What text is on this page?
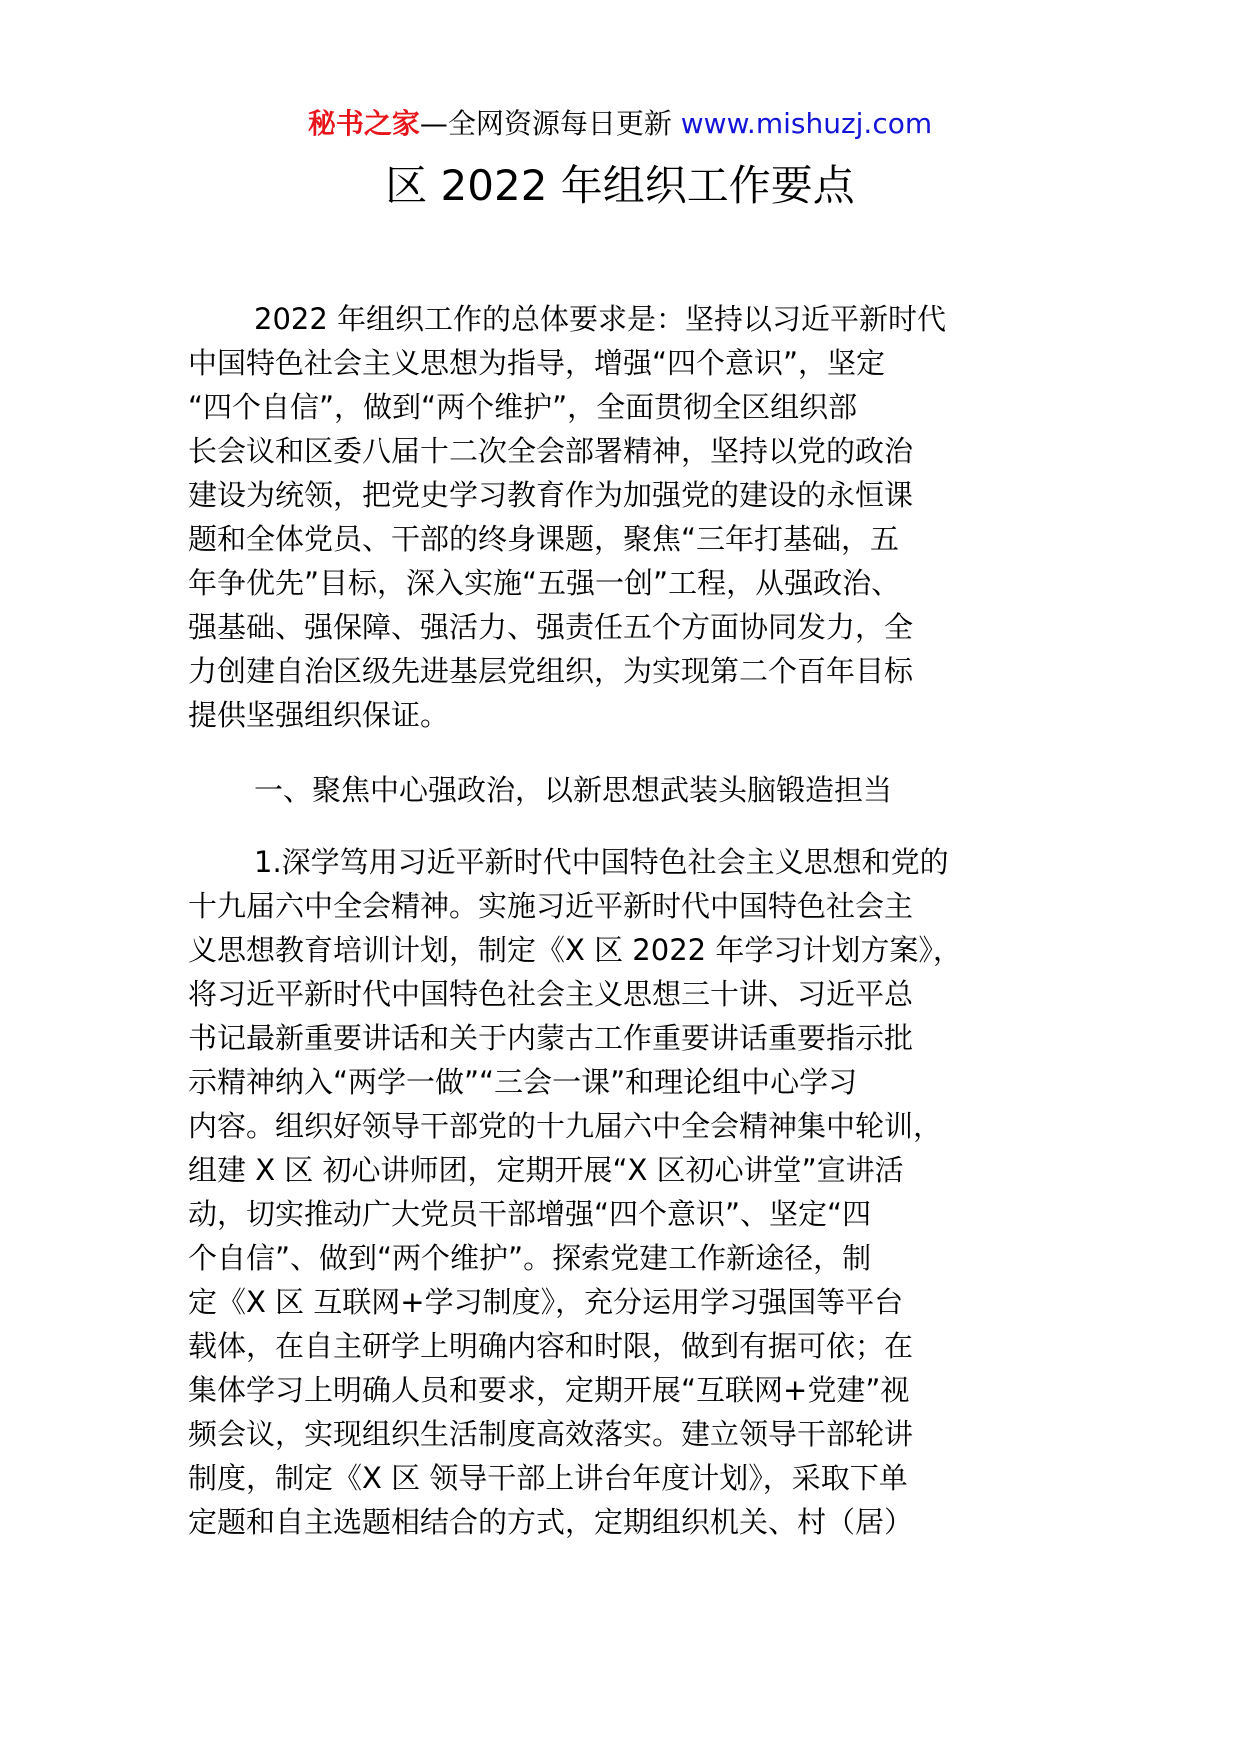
秘书之家—全网资源每日更新 www.mishuzj.com
区 2022 年组织工作要点
2022 年组织工作的总体要求是：坚持以习近平新时代
中国特色社会主义思想为指导，增强“四个意识”，坚定
“四个自信”，做到“两个维护”，全面贯彻全区组织部
长会议和区委八届十二次全会部署精神，坚持以党的政治
建设为统领，把党史学习教育作为加强党的建设的永恒课
题和全体党员、干部的终身课题，聚焦“三年打基础，五
年争优先”目标，深入实施“五强一创”工程，从强政治、
强基础、强保障、强活力、强责任五个方面协同发力，全
力创建自治区级先进基层党组织，为实现第二个百年目标
提供坚强组织保证。
一、聚焦中心强政治，以新思想武装头脑锻造担当
1.深学笃用习近平新时代中国特色社会主义思想和党的
十九届六中全会精神。实施习近平新时代中国特色社会主
义思想教育培训计划，制定《X 区 2022 年学习计划方案》，
将习近平新时代中国特色社会主义思想三十讲、习近平总
书记最新重要讲话和关于内蒙古工作重要讲话重要指示批
示精神纳入“两学一做”“三会一课”和理论组中心学习
内容。组织好领导干部党的十九届六中全会精神集中轮训，
组建 X 区 初心讲师团，定期开展“X 区初心讲堂”宣讲活
动，切实推动广大党员干部增强“四个意识”、坚定“四
个自信”、做到“两个维护”。探索党建工作新途径，制
定《X 区 互联网+学习制度》，充分运用学习强国等平台
载体，在自主研学上明确内容和时限，做到有据可依；在
集体学习上明确人员和要求，定期开展“互联网+党建”视
频会议，实现组织生活制度高效落实。建立领导干部轮讲
制度，制定《X 区 领导干部上讲台年度计划》，采取下单
定题和自主选题相结合的方式，定期组织机关、村（居）
